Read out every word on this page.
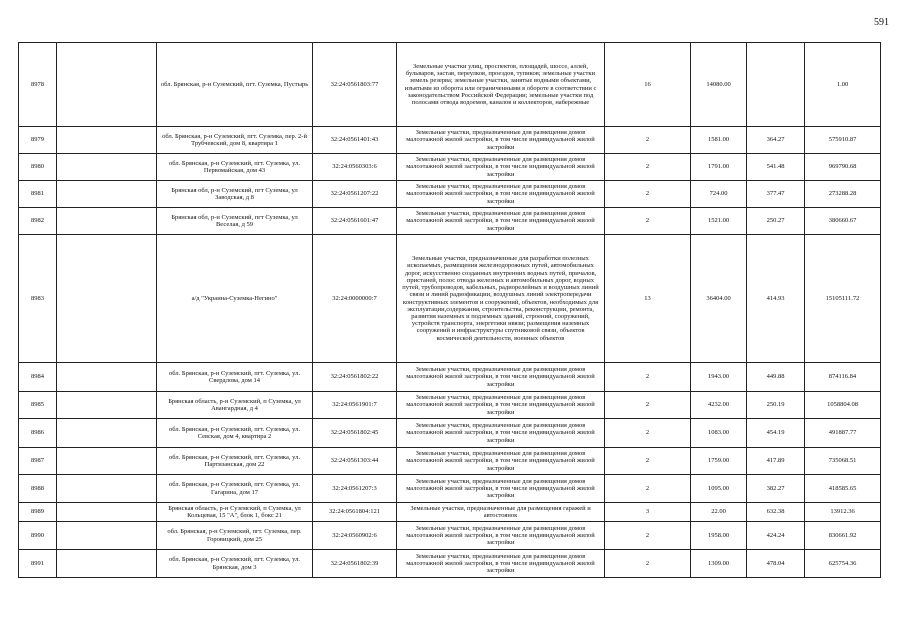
591
8978		обл. Брянская, р-н Суземский, пгт. Суземка, Пустырь	32:24:0561803:77	Земельные участки улиц, проспектов, площадей, шоссе, аллей, бульваров, застав, переулков, проездов, тупиков; земельные участки земель резерва; земельные участки, занятые водными объектами, изъятыми из оборота или ограниченными в обороте в соответствии с законодательством Российской Федерации; земельные участки под полосами отвода водоемов, каналов и коллекторов, набережные	16	14080.00		1.00
8979		обл. Брянская, р-н Суземский, пгт. Суземка, пер. 2-й Трубчевский, дом 8, квартира 1	32:24:0561401:43	Земельные участки, предназначенные для размещения домов малоэтажной жилой застройки, в том числе индивидуальной жилой застройки	2	1581.00	364.27	575910.87
8980		обл. Брянская, р-н Суземский, пгт. Суземка, ул. Первомайская, дом 43	32:24:0560303:6	Земельные участки, предназначенные для размещения домов малоэтажной жилой застройки, в том числе индивидуальной жилой застройки	2	1791.00	541.48	969790.68
8981		Брянская обл, р-н Суземский, пгт Суземка, ул Заводская, д 8	32:24:0561207:22	Земельные участки, предназначенные для размещения домов малоэтажной жилой застройки, в том числе индивидуальной жилой застройки	2	724.00	377.47	273288.28
8982		Брянская обл, р-н Суземский, пгт Суземка, ул Веселая, д 59	32:24:0561601:47	Земельные участки, предназначенные для размещения домов малоэтажной жилой застройки, в том числе индивидуальной жилой застройки	2	1521.00	250.27	380660.67
8983		а/д "Украина-Суземка-Негино"	32:24:0000000:7	Земельные участки, предназначенные для разработки полезных ископаемых, размещения железнодорожных путей, автомобильных дорог, искусственно созданных внутренних водных путей, причалов, пристаней, полос отвода железных и автомобильных дорог, водных путей, трубопроводов, кабельных, радиорелейных и воздушных линий связи и линий радиофикации, воздушных линий электропередачи конструктивных элементов и сооружений, объектов, необходимых для эксплуатации,содержания, строительства, реконструкции, ремонта, развития наземных и подземных зданий, строений, сооружений, устройств транспорта, энергетики ивязи; размещения наземных сооружений и инфраструктуры спутниковой связи, объектов космической деятельности, военных объектов	13	36404.00	414.93	15105111.72
8984		обл. Брянская, р-н Суземский, пгт. Суземка, ул. Свердлова, дом 14	32:24:0561802:22	Земельные участки, предназначенные для размещения домов малоэтажной жилой застройки, в том числе индивидуальной жилой застройки	2	1943.00	449.88	874116.84
8985		Брянская область, р-н Суземский, п Суземка, ул Авангардная, д 4	32:24:0561901:7	Земельные участки, предназначенные для размещения домов малоэтажной жилой застройки, в том числе индивидуальной жилой застройки	2	4232.00	250.19	1058804.08
8986		обл. Брянская, р-н Суземский, пгт. Суземка, ул. Севская, дом 4, квартира 2	32:24:0561802:45	Земельные участки, предназначенные для размещения домов малоэтажной жилой застройки, в том числе индивидуальной жилой застройки	2	1083.00	454.19	491887.77
8987		обл. Брянская, р-н Суземский, пгт. Суземка, ул. Партизанская, дом 22	32:24:0561303:44	Земельные участки, предназначенные для размещения домов малоэтажной жилой застройки, в том числе индивидуальной жилой застройки	2	1759.00	417.89	735068.51
8988		обл. Брянская, р-н Суземский, пгт. Суземка, ул. Гагарина, дом 17	32:24:0561207:3	Земельные участки, предназначенные для размещения домов малоэтажной жилой застройки, в том числе индивидуальной жилой застройки	2	1095.00	382.27	418585.65
8989		Брянская область, р-н Суземский, п Суземка, ул Кольцевая, 15 "А", блок 1, бокс 21	32:24:0561804:121	Земельные участки, предназначенные для размещения гаражей и автостоянок	3	22.00	632.38	13912.36
8990		обл. Брянская, р-н Суземский, пгт. Суземка, пер. Горовицкий, дом 25	32:24:0560902:6	Земельные участки, предназначенные для размещения домов малоэтажной жилой застройки, в том числе индивидуальной жилой застройки	2	1958.00	424.24	830661.92
8991		обл. Брянская, р-н Суземский, пгт. Суземка, ул. Брянская, дом 3	32:24:0561802:39	Земельные участки, предназначенные для размещения домов малоэтажной жилой застройки, в том числе индивидуальной жилой застройки	2	1309.00	478.04	625754.36
